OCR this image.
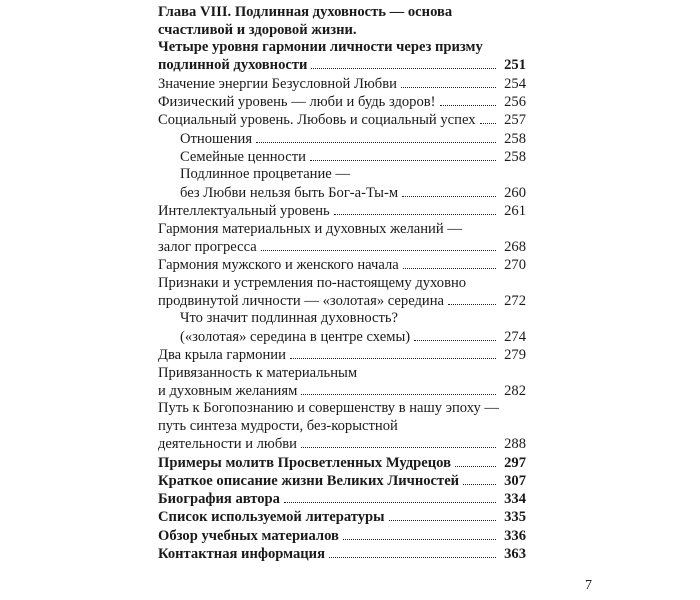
Глава VIII. Подлинная духовность — основа
счастливой и здоровой жизни.
Четыре уровня гармонии личности через призму
подлинной духовности	251
Значение энергии Безусловной Любви	254
Физический уровень — люби и будь здоров!	256
Социальный уровень. Любовь и социальный успех 257
Отношения	258
Семейные ценности	258
Подлинное процветание —
без Любви нельзя быть Бог-а-Ты-м	260
Интеллектуальный уровень	261
Гармония материальных и духовных желаний —
залог прогресса	268
Гармония мужского и женского начала	270
Признаки и устремления по-настоящему духовно
продвинутой личности — «золотая» середина	272
Что значит подлинная духовность?
(«золотая» середина в центре схемы)	274
Два крыла гармонии	279
Привязанность к материальным
и духовным желаниям	282
Путь к Богопознанию и совершенству в нашу эпоху —
путь синтеза мудрости, без-корыстной
деятельности и любви	288
Примеры молитв Просветленных Мудрецов	297
Краткое описание жизни Великих Личностей	307
Биография автора	334
Список используемой литературы	335
Обзор учебных материалов	336
Контактная информация	363
7
